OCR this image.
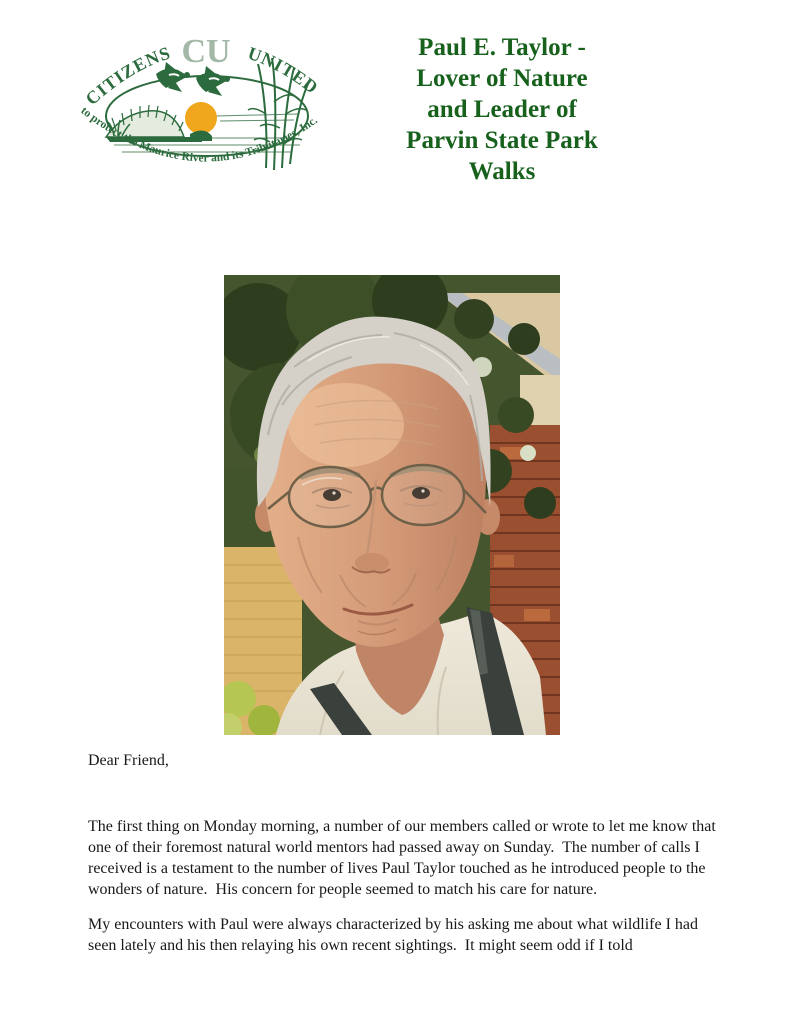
CITIZENS	UNITED
CU
to protect the Maurice River and its Tributaries, Inc.
Paul E. Taylor -
Lover of Nature
and Leader of
Parvin State Park
Walks
Dear Friend,

The first thing on Monday morning, a number of our members called or wrote to let me know that one of their foremost natural world mentors had passed away on Sunday.  The number of calls I received is a testament to the number of lives Paul Taylor touched as he introduced people to the wonders of nature.  His concern for people seemed to match his care for nature.

My encounters with Paul were always characterized by his asking me about what wildlife I had seen lately and his then relaying his own recent sightings.  It might seem odd if I told
